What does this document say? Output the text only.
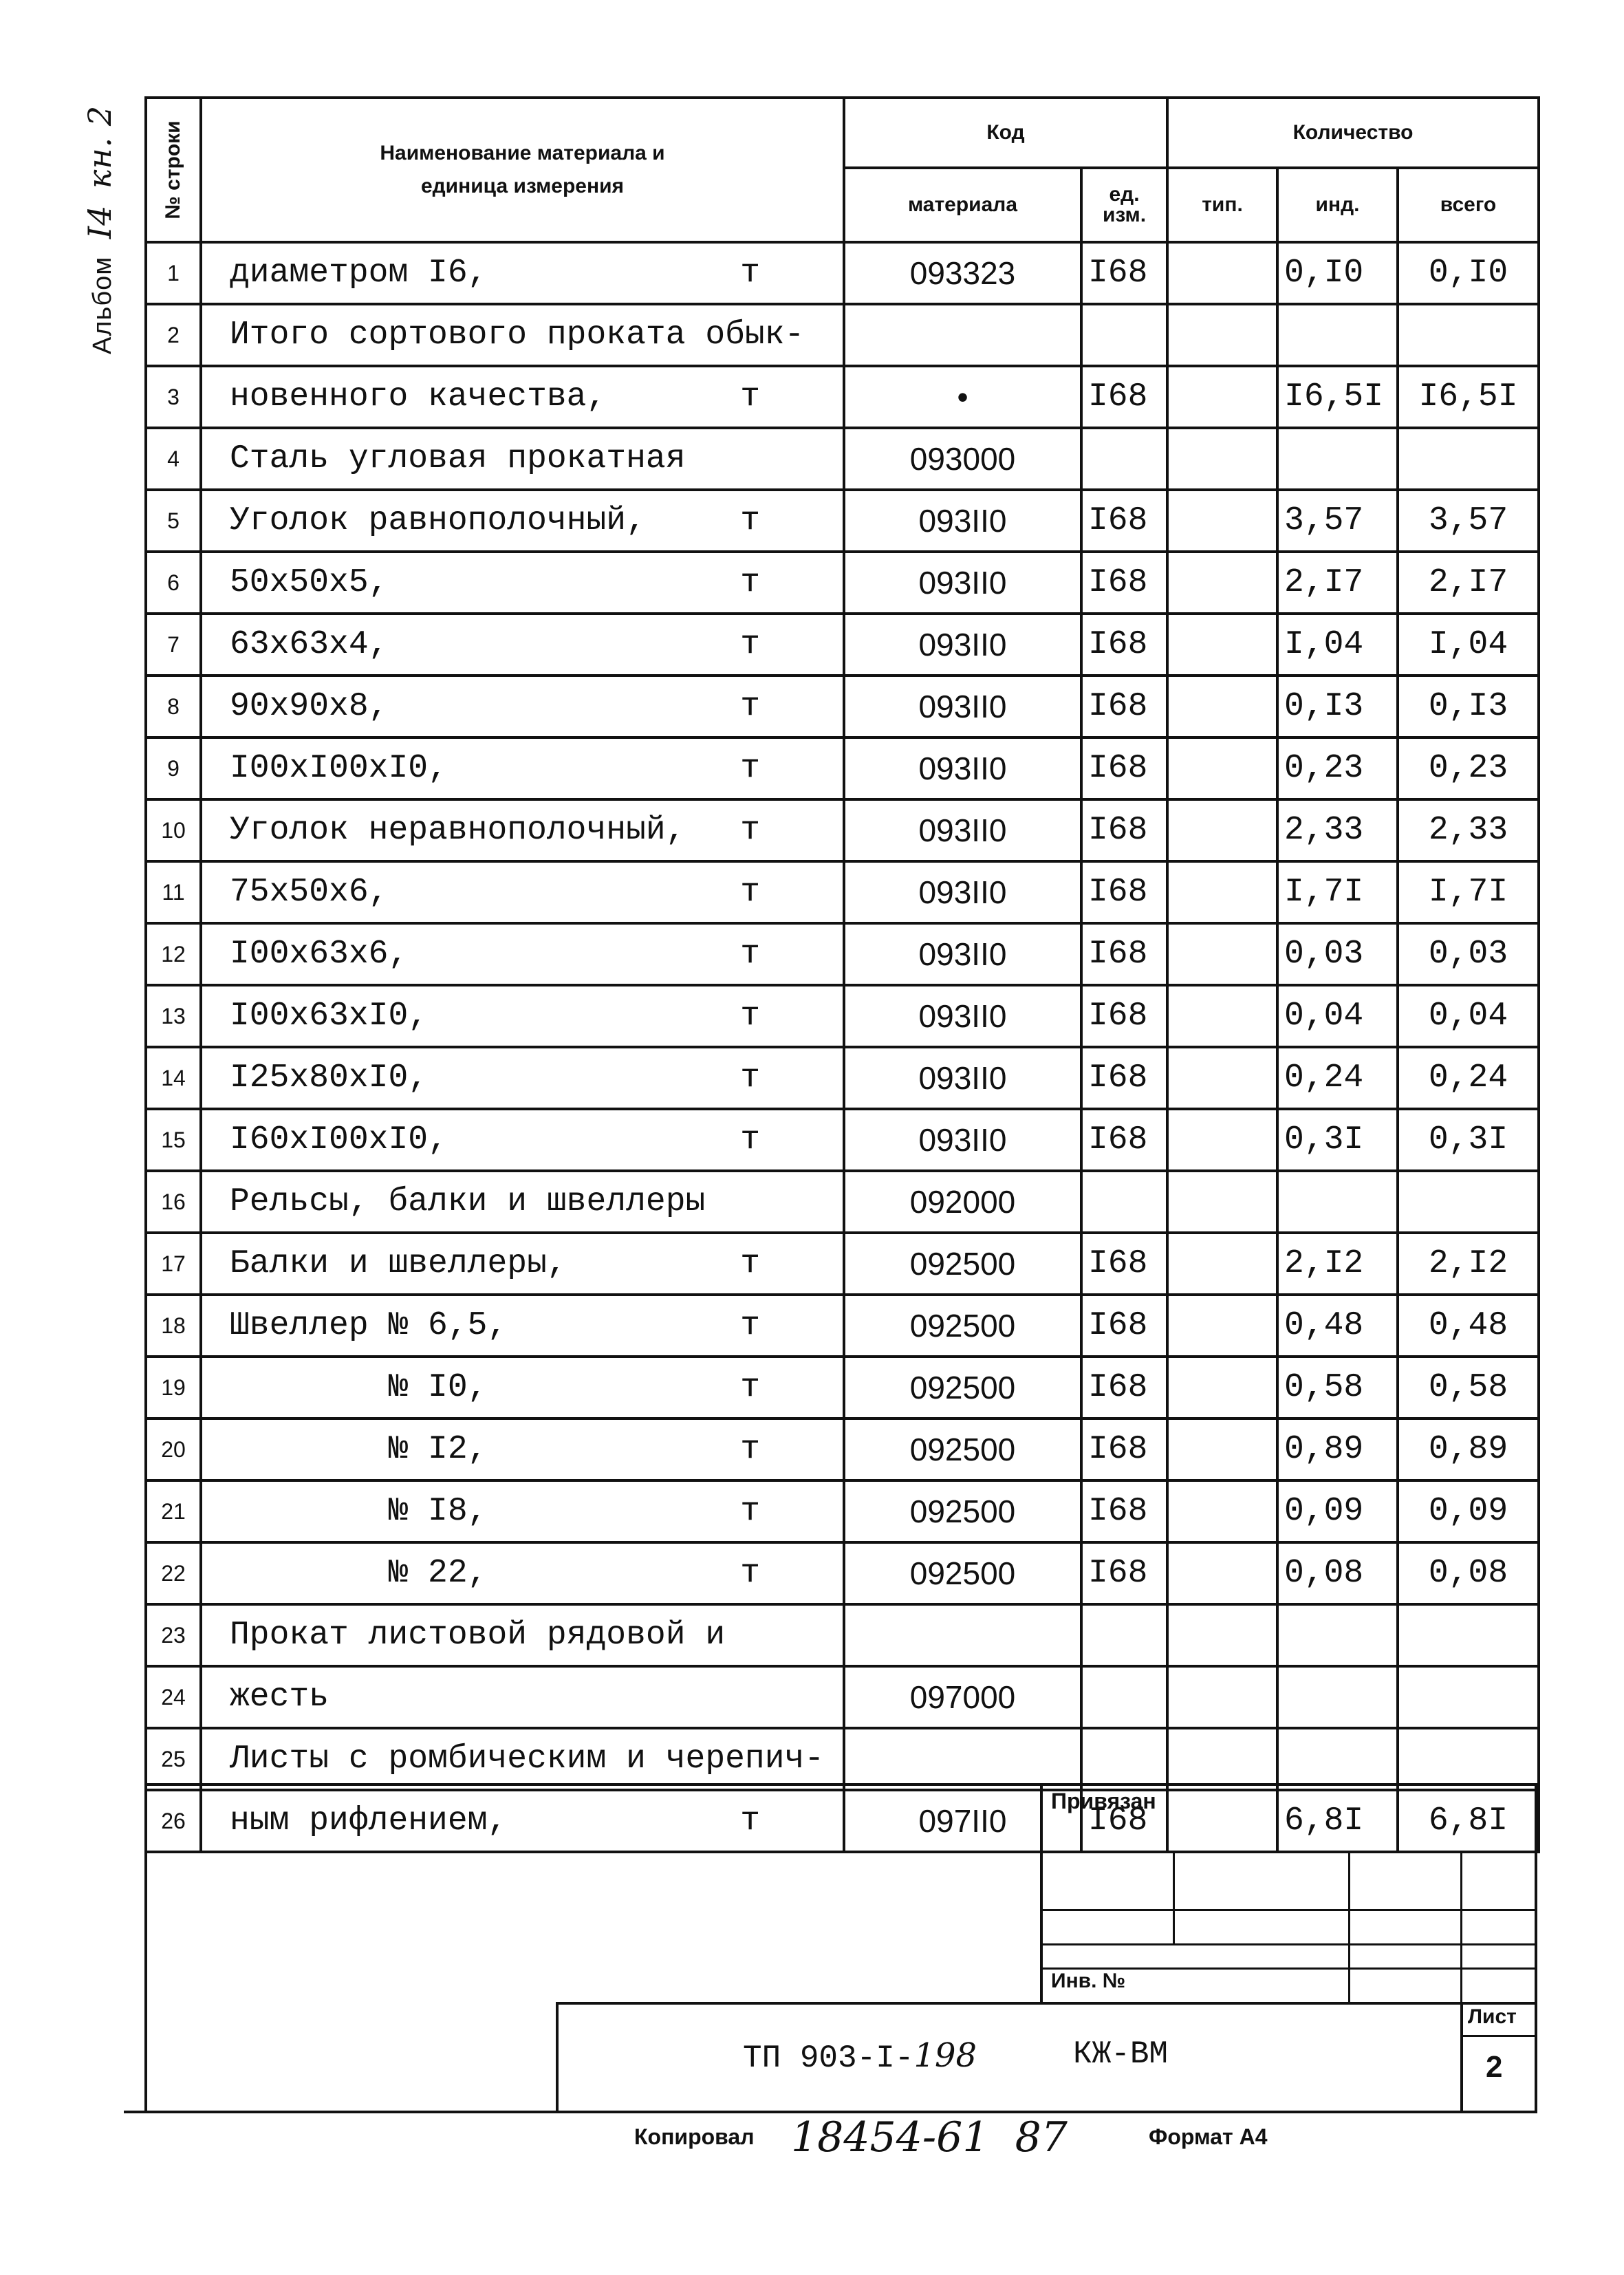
Альбом I4 кн. 2 № строки	Наименование материала и единица измерения	Код		Количество		
		материала	ед. изм.	тип.	инд.	всего
1	диаметром I6, т	093323	I68		0,I0	0,I0
2	Итого сортового проката обык-

3	новенного качества, т	•	I68		I6,5I	I6,5I
4	Сталь угловая прокатная	093000				
5	Уголок равнополочный, т	093II0	I68		3,57	3,57
6	50x50x5, т	093II0	I68		2,I7	2,I7
7	63x63x4, т	093II0	I68		I,04	I,04
8	90x90x8, т	093II0	I68		0,I3	0,I3
9	I00xI00xI0, т	093II0	I68		0,23	0,23
10	Уголок неравнополочный, т	093II0	I68		2,33	2,33
11	75x50x6, т	093II0	I68		I,7I	I,7I
12	I00x63x6, т	093II0	I68		0,03	0,03
13	I00x63xI0, т	093II0	I68		0,04	0,04
14	I25x80xI0, т	093II0	I68		0,24	0,24
15	I60xI00xI0, т	093II0	I68		0,3I	0,3I
16	Рельсы, балки и швеллеры	092000				
17	Балки и швеллеры, т	092500	I68		2,I2	2,I2
18	Швеллер № 6,5, т	092500	I68		0,48	0,48
19	№ I0, т	092500	I68		0,58	0,58
20	№ I2, т	092500	I68		0,89	0,89
21	№ I8, т	092500	I68		0,09	0,09
22	№ 22, т	092500	I68		0,08	0,08
23	Прокат листовой рядовой и

24	жесть	097000				
25	Листы с ромбическим и черепич-

26	ным рифлением, т	097II0	I68		6,8I	6,8I
Привязан
Инв. №
Лист
2
ТП 903-I-198	КЖ-ВМ
Копировал 18454-61  87	Формат А4
